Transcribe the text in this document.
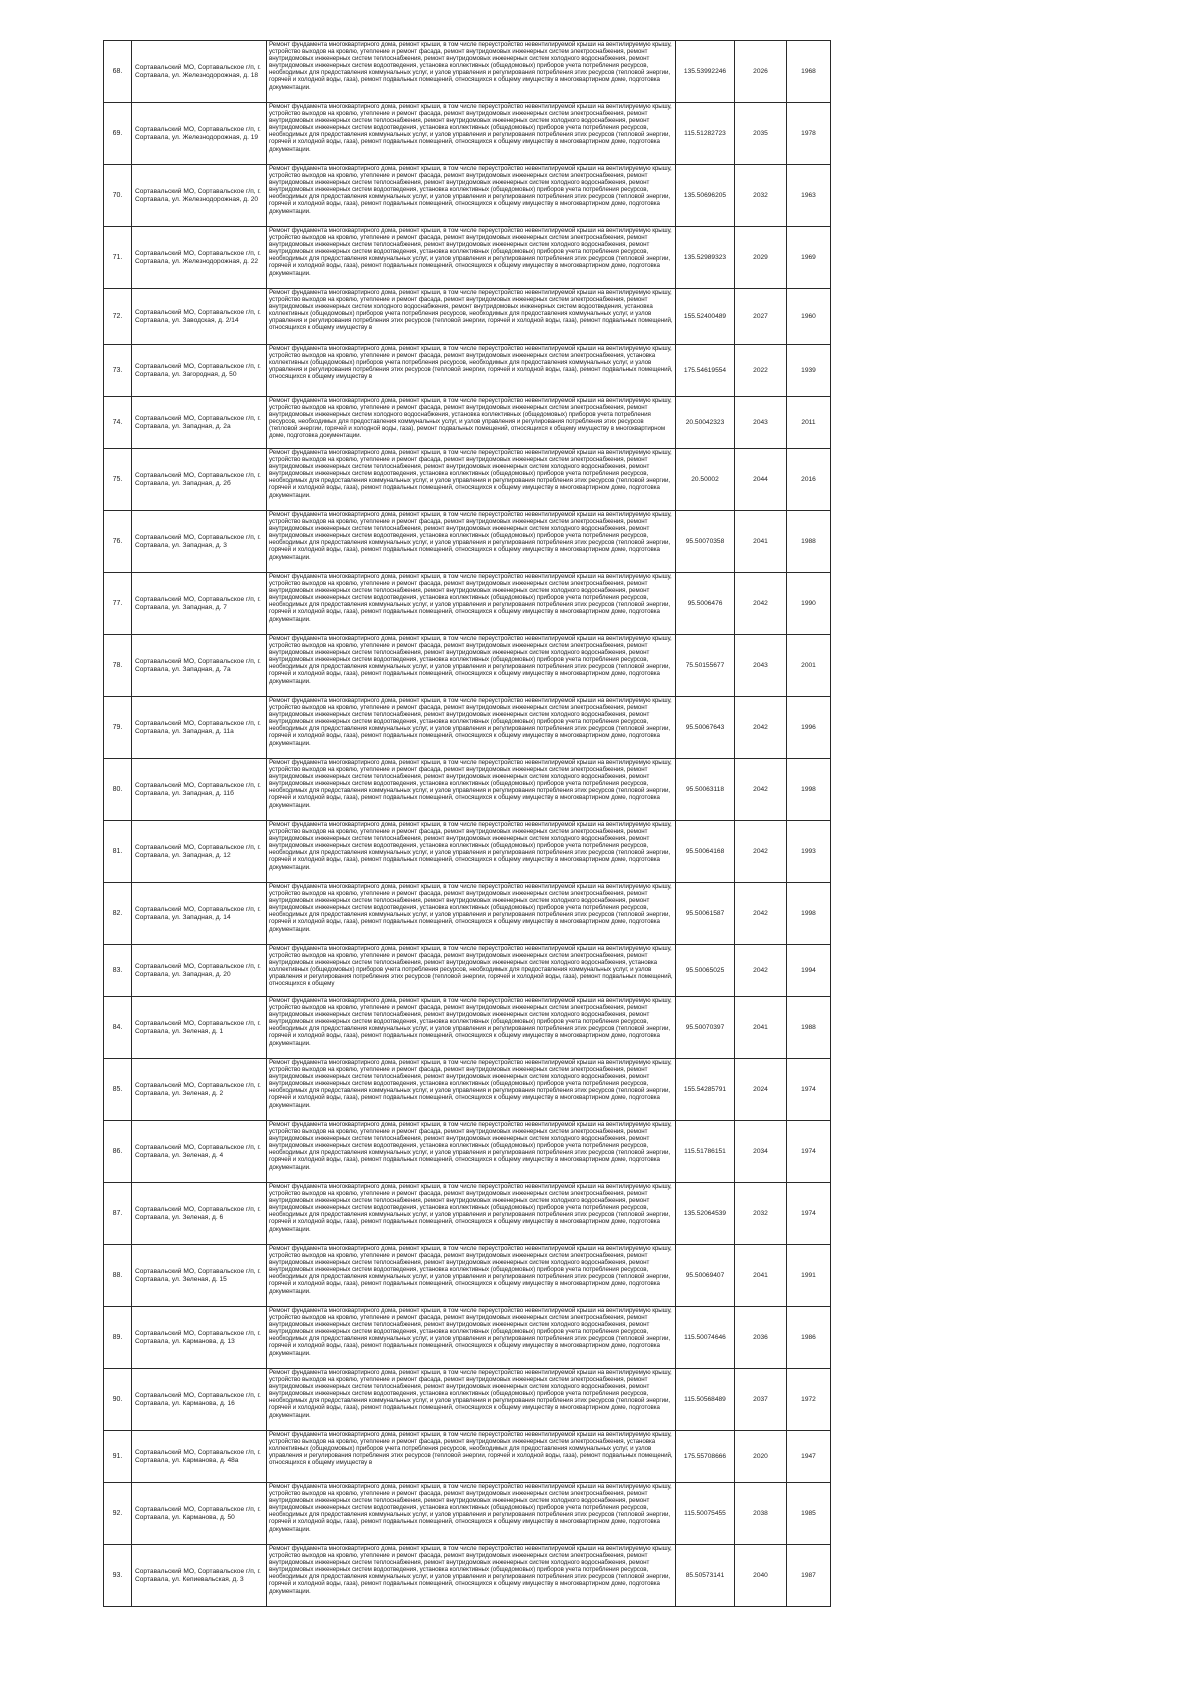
68.	Сортавальский МО, Сортавальское г/п, г. Сортавала, ул. Железнодорожная, д. 18	Ремонт фундамента многоквартирного дома, ремонт крыши, в том числе переустройство невентилируемой крыши на вентилируемую крышу, устройство выходов на кровлю, утепление и ремонт фасада, ремонт внутридомовых инженерных систем электроснабжения, ремонт внутридомовых инженерных систем теплоснабжения, ремонт внутридомовых инженерных систем холодного водоснабжения, ремонт внутридомовых инженерных систем водоотведения, установка коллективных (общедомовых) приборов учета потребления ресурсов, необходимых для предоставления коммунальных услуг, и узлов управления и регулирования потребления этих ресурсов (тепловой энергии, горячей и холодной воды, газа), ремонт подвальных помещений, относящихся к общему имуществу в многоквартирном доме, подготовка документации.	135.53992246	2026	1968
69.	Сортавальский МО, Сортавальское г/п, г. Сортавала, ул. Железнодорожная, д. 19	Ремонт фундамента многоквартирного дома, ремонт крыши, в том числе переустройство невентилируемой крыши на вентилируемую крышу, устройство выходов на кровлю, утепление и ремонт фасада, ремонт внутридомовых инженерных систем электроснабжения, ремонт внутридомовых инженерных систем теплоснабжения, ремонт внутридомовых инженерных систем холодного водоснабжения, ремонт внутридомовых инженерных систем водоотведения, установка коллективных (общедомовых) приборов учета потребления ресурсов, необходимых для предоставления коммунальных услуг, и узлов управления и регулирования потребления этих ресурсов (тепловой энергии, горячей и холодной воды, газа), ремонт подвальных помещений, относящихся к общему имуществу в многоквартирном доме, подготовка документации.	115.51282723	2035	1978
70.	Сортавальский МО, Сортавальское г/п, г. Сортавала, ул. Железнодорожная, д. 20	Ремонт фундамента многоквартирного дома, ремонт крыши, в том числе переустройство невентилируемой крыши на вентилируемую крышу, устройство выходов на кровлю, утепление и ремонт фасада, ремонт внутридомовых инженерных систем электроснабжения, ремонт внутридомовых инженерных систем теплоснабжения, ремонт внутридомовых инженерных систем холодного водоснабжения, ремонт внутридомовых инженерных систем водоотведения, установка коллективных (общедомовых) приборов учета потребления ресурсов, необходимых для предоставления коммунальных услуг, и узлов управления и регулирования потребления этих ресурсов (тепловой энергии, горячей и холодной воды, газа), ремонт подвальных помещений, относящихся к общему имуществу в многоквартирном доме, подготовка документации.	135.50696205	2032	1963
71.	Сортавальский МО, Сортавальское г/п, г. Сортавала, ул. Железнодорожная, д. 22	Ремонт фундамента многоквартирного дома, ремонт крыши, в том числе переустройство невентилируемой крыши на вентилируемую крышу, устройство выходов на кровлю, утепление и ремонт фасада, ремонт внутридомовых инженерных систем электроснабжения, ремонт внутридомовых инженерных систем теплоснабжения, ремонт внутридомовых инженерных систем холодного водоснабжения, ремонт внутридомовых инженерных систем водоотведения, установка коллективных (общедомовых) приборов учета потребления ресурсов, необходимых для предоставления коммунальных услуг, и узлов управления и регулирования потребления этих ресурсов (тепловой энергии, горячей и холодной воды, газа), ремонт подвальных помещений, относящихся к общему имуществу в многоквартирном доме, подготовка документации.	135.52989323	2029	1969
72.	Сортавальский МО, Сортавальское г/п, г. Сортавала, ул. Заводская, д. 2/14	Ремонт фундамента многоквартирного дома, ремонт крыши, в том числе переустройство невентилируемой крыши на вентилируемую крышу, устройство выходов на кровлю, утепление и ремонт фасада, ремонт внутридомовых инженерных систем электроснабжения, ремонт внутридомовых инженерных систем холодного водоснабжения, ремонт внутридомовых инженерных систем водоотведения, установка коллективных (общедомовых) приборов учета потребления ресурсов, необходимых для предоставления коммунальных услуг, и узлов управления и регулирования потребления этих ресурсов (тепловой энергии, горячей и холодной воды, газа), ремонт подвальных помещений, относящихся к общему имуществу в	155.52400489	2027	1960
73.	Сортавальский МО, Сортавальское г/п, г. Сортавала, ул. Загородная, д. 50	Ремонт фундамента многоквартирного дома, ремонт крыши, в том числе переустройство невентилируемой крыши на вентилируемую крышу, устройство выходов на кровлю, утепление и ремонт фасада, ремонт внутридомовых инженерных систем электроснабжения, установка коллективных (общедомовых) приборов учета потребления ресурсов, необходимых для предоставления коммунальных услуг, и узлов управления и регулирования потребления этих ресурсов (тепловой энергии, горячей и холодной воды, газа), ремонт подвальных помещений, относящихся к общему имуществу в	175.54619554	2022	1939
74.	Сортавальский МО, Сортавальское г/п, г. Сортавала, ул. Западная, д. 2а	Ремонт фундамента многоквартирного дома, ремонт крыши, в том числе переустройство невентилируемой крыши на вентилируемую крышу, устройство выходов на кровлю, утепление и ремонт фасада, ремонт внутридомовых инженерных систем электроснабжения, ремонт внутридомовых инженерных систем холодного водоснабжения, установка коллективных (общедомовых) приборов учета потребления ресурсов, необходимых для предоставления коммунальных услуг, и узлов управления и регулирования потребления этих ресурсов (тепловой энергии, горячей и холодной воды, газа), ремонт подвальных помещений, относящихся к общему имуществу в многоквартирном доме, подготовка документации.	20.50042323	2043	2011
75.	Сортавальский МО, Сортавальское г/п, г. Сортавала, ул. Западная, д. 2б	Ремонт фундамента многоквартирного дома, ремонт крыши, в том числе переустройство невентилируемой крыши на вентилируемую крышу, устройство выходов на кровлю, утепление и ремонт фасада, ремонт внутридомовых инженерных систем электроснабжения, ремонт внутридомовых инженерных систем теплоснабжения, ремонт внутридомовых инженерных систем холодного водоснабжения, ремонт внутридомовых инженерных систем водоотведения, установка коллективных (общедомовых) приборов учета потребления ресурсов, необходимых для предоставления коммунальных услуг, и узлов управления и регулирования потребления этих ресурсов (тепловой энергии, горячей и холодной воды, газа), ремонт подвальных помещений, относящихся к общему имуществу в многоквартирном доме, подготовка документации.	20.50002	2044	2016
76.	Сортавальский МО, Сортавальское г/п, г. Сортавала, ул. Западная, д. 3	Ремонт фундамента многоквартирного дома, ремонт крыши, в том числе переустройство невентилируемой крыши на вентилируемую крышу, устройство выходов на кровлю, утепление и ремонт фасада, ремонт внутридомовых инженерных систем электроснабжения, ремонт внутридомовых инженерных систем теплоснабжения, ремонт внутридомовых инженерных систем холодного водоснабжения, ремонт внутридомовых инженерных систем водоотведения, установка коллективных (общедомовых) приборов учета потребления ресурсов, необходимых для предоставления коммунальных услуг, и узлов управления и регулирования потребления этих ресурсов (тепловой энергии, горячей и холодной воды, газа), ремонт подвальных помещений, относящихся к общему имуществу в многоквартирном доме, подготовка документации.	95.50070358	2041	1988
77.	Сортавальский МО, Сортавальское г/п, г. Сортавала, ул. Западная, д. 7	Ремонт фундамента многоквартирного дома, ремонт крыши, в том числе переустройство невентилируемой крыши на вентилируемую крышу, устройство выходов на кровлю, утепление и ремонт фасада, ремонт внутридомовых инженерных систем электроснабжения, ремонт внутридомовых инженерных систем теплоснабжения, ремонт внутридомовых инженерных систем холодного водоснабжения, ремонт внутридомовых инженерных систем водоотведения, установка коллективных (общедомовых) приборов учета потребления ресурсов, необходимых для предоставления коммунальных услуг, и узлов управления и регулирования потребления этих ресурсов (тепловой энергии, горячей и холодной воды, газа), ремонт подвальных помещений, относящихся к общему имуществу в многоквартирном доме, подготовка документации.	95.5006476	2042	1990
78.	Сортавальский МО, Сортавальское г/п, г. Сортавала, ул. Западная, д. 7а	Ремонт фундамента многоквартирного дома, ремонт крыши, в том числе переустройство невентилируемой крыши на вентилируемую крышу, устройство выходов на кровлю, утепление и ремонт фасада, ремонт внутридомовых инженерных систем электроснабжения, ремонт внутридомовых инженерных систем теплоснабжения, ремонт внутридомовых инженерных систем холодного водоснабжения, ремонт внутридомовых инженерных систем водоотведения, установка коллективных (общедомовых) приборов учета потребления ресурсов, необходимых для предоставления коммунальных услуг, и узлов управления и регулирования потребления этих ресурсов (тепловой энергии, горячей и холодной воды, газа), ремонт подвальных помещений, относящихся к общему имуществу в многоквартирном доме, подготовка документации.	75.50155677	2043	2001
79.	Сортавальский МО, Сортавальское г/п, г. Сортавала, ул. Западная, д. 11а	Ремонт фундамента многоквартирного дома, ремонт крыши, в том числе переустройство невентилируемой крыши на вентилируемую крышу, устройство выходов на кровлю, утепление и ремонт фасада, ремонт внутридомовых инженерных систем электроснабжения, ремонт внутридомовых инженерных систем теплоснабжения, ремонт внутридомовых инженерных систем холодного водоснабжения, ремонт внутридомовых инженерных систем водоотведения, установка коллективных (общедомовых) приборов учета потребления ресурсов, необходимых для предоставления коммунальных услуг, и узлов управления и регулирования потребления этих ресурсов (тепловой энергии, горячей и холодной воды, газа), ремонт подвальных помещений, относящихся к общему имуществу в многоквартирном доме, подготовка документации.	95.50067643	2042	1996
80.	Сортавальский МО, Сортавальское г/п, г. Сортавала, ул. Западная, д. 11б	Ремонт фундамента многоквартирного дома, ремонт крыши, в том числе переустройство невентилируемой крыши на вентилируемую крышу, устройство выходов на кровлю, утепление и ремонт фасада, ремонт внутридомовых инженерных систем электроснабжения, ремонт внутридомовых инженерных систем теплоснабжения, ремонт внутридомовых инженерных систем холодного водоснабжения, ремонт внутридомовых инженерных систем водоотведения, установка коллективных (общедомовых) приборов учета потребления ресурсов, необходимых для предоставления коммунальных услуг, и узлов управления и регулирования потребления этих ресурсов (тепловой энергии, горячей и холодной воды, газа), ремонт подвальных помещений, относящихся к общему имуществу в многоквартирном доме, подготовка документации.	95.50063118	2042	1998
81.	Сортавальский МО, Сортавальское г/п, г. Сортавала, ул. Западная, д. 12	Ремонт фундамента многоквартирного дома, ремонт крыши, в том числе переустройство невентилируемой крыши на вентилируемую крышу, устройство выходов на кровлю, утепление и ремонт фасада, ремонт внутридомовых инженерных систем электроснабжения, ремонт внутридомовых инженерных систем теплоснабжения, ремонт внутридомовых инженерных систем холодного водоснабжения, ремонт внутридомовых инженерных систем водоотведения, установка коллективных (общедомовых) приборов учета потребления ресурсов, необходимых для предоставления коммунальных услуг, и узлов управления и регулирования потребления этих ресурсов (тепловой энергии, горячей и холодной воды, газа), ремонт подвальных помещений, относящихся к общему имуществу в многоквартирном доме, подготовка документации.	95.50064168	2042	1993
82.	Сортавальский МО, Сортавальское г/п, г. Сортавала, ул. Западная, д. 14	Ремонт фундамента многоквартирного дома, ремонт крыши, в том числе переустройство невентилируемой крыши на вентилируемую крышу, устройство выходов на кровлю, утепление и ремонт фасада, ремонт внутридомовых инженерных систем электроснабжения, ремонт внутридомовых инженерных систем теплоснабжения, ремонт внутридомовых инженерных систем холодного водоснабжения, ремонт внутридомовых инженерных систем водоотведения, установка коллективных (общедомовых) приборов учета потребления ресурсов, необходимых для предоставления коммунальных услуг, и узлов управления и регулирования потребления этих ресурсов (тепловой энергии, горячей и холодной воды, газа), ремонт подвальных помещений, относящихся к общему имуществу в многоквартирном доме, подготовка документации.	95.50061587	2042	1998
83.	Сортавальский МО, Сортавальское г/п, г. Сортавала, ул. Западная, д. 20	Ремонт фундамента многоквартирного дома, ремонт крыши, в том числе переустройство невентилируемой крыши на вентилируемую крышу, устройство выходов на кровлю, утепление и ремонт фасада, ремонт внутридомовых инженерных систем электроснабжения, ремонт внутридомовых инженерных систем теплоснабжения, ремонт внутридомовых инженерных систем холодного водоснабжения, установка коллективных (общедомовых) приборов учета потребления ресурсов, необходимых для предоставления коммунальных услуг, и узлов управления и регулирования потребления этих ресурсов (тепловой энергии, горячей и холодной воды, газа), ремонт подвальных помещений, относящихся к общему	95.50065025	2042	1994
84.	Сортавальский МО, Сортавальское г/п, г. Сортавала, ул. Зеленая, д. 1	Ремонт фундамента многоквартирного дома, ремонт крыши, в том числе переустройство невентилируемой крыши на вентилируемую крышу, устройство выходов на кровлю, утепление и ремонт фасада, ремонт внутридомовых инженерных систем электроснабжения, ремонт внутридомовых инженерных систем теплоснабжения, ремонт внутридомовых инженерных систем холодного водоснабжения, ремонт внутридомовых инженерных систем водоотведения, установка коллективных (общедомовых) приборов учета потребления ресурсов, необходимых для предоставления коммунальных услуг, и узлов управления и регулирования потребления этих ресурсов (тепловой энергии, горячей и холодной воды, газа), ремонт подвальных помещений, относящихся к общему имуществу в многоквартирном доме, подготовка документации.	95.50070397	2041	1988
85.	Сортавальский МО, Сортавальское г/п, г. Сортавала, ул. Зеленая, д. 2	Ремонт фундамента многоквартирного дома, ремонт крыши, в том числе переустройство невентилируемой крыши на вентилируемую крышу, устройство выходов на кровлю, утепление и ремонт фасада, ремонт внутридомовых инженерных систем электроснабжения, ремонт внутридомовых инженерных систем теплоснабжения, ремонт внутридомовых инженерных систем холодного водоснабжения, ремонт внутридомовых инженерных систем водоотведения, установка коллективных (общедомовых) приборов учета потребления ресурсов, необходимых для предоставления коммунальных услуг, и узлов управления и регулирования потребления этих ресурсов (тепловой энергии, горячей и холодной воды, газа), ремонт подвальных помещений, относящихся к общему имуществу в многоквартирном доме, подготовка документации.	155.54285791	2024	1974
86.	Сортавальский МО, Сортавальское г/п, г. Сортавала, ул. Зеленая, д. 4	Ремонт фундамента многоквартирного дома, ремонт крыши, в том числе переустройство невентилируемой крыши на вентилируемую крышу, устройство выходов на кровлю, утепление и ремонт фасада, ремонт внутридомовых инженерных систем электроснабжения, ремонт внутридомовых инженерных систем теплоснабжения, ремонт внутридомовых инженерных систем холодного водоснабжения, ремонт внутридомовых инженерных систем водоотведения, установка коллективных (общедомовых) приборов учета потребления ресурсов, необходимых для предоставления коммунальных услуг, и узлов управления и регулирования потребления этих ресурсов (тепловой энергии, горячей и холодной воды, газа), ремонт подвальных помещений, относящихся к общему имуществу в многоквартирном доме, подготовка документации.	115.51786151	2034	1974
87.	Сортавальский МО, Сортавальское г/п, г. Сортавала, ул. Зеленая, д. 6	Ремонт фундамента многоквартирного дома, ремонт крыши, в том числе переустройство невентилируемой крыши на вентилируемую крышу, устройство выходов на кровлю, утепление и ремонт фасада, ремонт внутридомовых инженерных систем электроснабжения, ремонт внутридомовых инженерных систем теплоснабжения, ремонт внутридомовых инженерных систем холодного водоснабжения, ремонт внутридомовых инженерных систем водоотведения, установка коллективных (общедомовых) приборов учета потребления ресурсов, необходимых для предоставления коммунальных услуг, и узлов управления и регулирования потребления этих ресурсов (тепловой энергии, горячей и холодной воды, газа), ремонт подвальных помещений, относящихся к общему имуществу в многоквартирном доме, подготовка документации.	135.52064539	2032	1974
88.	Сортавальский МО, Сортавальское г/п, г. Сортавала, ул. Зеленая, д. 15	Ремонт фундамента многоквартирного дома, ремонт крыши, в том числе переустройство невентилируемой крыши на вентилируемую крышу, устройство выходов на кровлю, утепление и ремонт фасада, ремонт внутридомовых инженерных систем электроснабжения, ремонт внутридомовых инженерных систем теплоснабжения, ремонт внутридомовых инженерных систем холодного водоснабжения, ремонт внутридомовых инженерных систем водоотведения, установка коллективных (общедомовых) приборов учета потребления ресурсов, необходимых для предоставления коммунальных услуг, и узлов управления и регулирования потребления этих ресурсов (тепловой энергии, горячей и холодной воды, газа), ремонт подвальных помещений, относящихся к общему имуществу в многоквартирном доме, подготовка документации.	95.50069407	2041	1991
89.	Сортавальский МО, Сортавальское г/п, г. Сортавала, ул. Карманова, д. 13	Ремонт фундамента многоквартирного дома, ремонт крыши, в том числе переустройство невентилируемой крыши на вентилируемую крышу, устройство выходов на кровлю, утепление и ремонт фасада, ремонт внутридомовых инженерных систем электроснабжения, ремонт внутридомовых инженерных систем теплоснабжения, ремонт внутридомовых инженерных систем холодного водоснабжения, ремонт внутридомовых инженерных систем водоотведения, установка коллективных (общедомовых) приборов учета потребления ресурсов, необходимых для предоставления коммунальных услуг, и узлов управления и регулирования потребления этих ресурсов (тепловой энергии, горячей и холодной воды, газа), ремонт подвальных помещений, относящихся к общему имуществу в многоквартирном доме, подготовка документации.	115.50074646	2036	1986
90.	Сортавальский МО, Сортавальское г/п, г. Сортавала, ул. Карманова, д. 16	Ремонт фундамента многоквартирного дома, ремонт крыши, в том числе переустройство невентилируемой крыши на вентилируемую крышу, устройство выходов на кровлю, утепление и ремонт фасада, ремонт внутридомовых инженерных систем электроснабжения, ремонт внутридомовых инженерных систем теплоснабжения, ремонт внутридомовых инженерных систем холодного водоснабжения, ремонт внутридомовых инженерных систем водоотведения, установка коллективных (общедомовых) приборов учета потребления ресурсов, необходимых для предоставления коммунальных услуг, и узлов управления и регулирования потребления этих ресурсов (тепловой энергии, горячей и холодной воды, газа), ремонт подвальных помещений, относящихся к общему имуществу в многоквартирном доме, подготовка документации.	115.50568489	2037	1972
91.	Сортавальский МО, Сортавальское г/п, г. Сортавала, ул. Карманова, д. 48а	Ремонт фундамента многоквартирного дома, ремонт крыши, в том числе переустройство невентилируемой крыши на вентилируемую крышу, устройство выходов на кровлю, утепление и ремонт фасада, ремонт внутридомовых инженерных систем электроснабжения, установка коллективных (общедомовых) приборов учета потребления ресурсов, необходимых для предоставления коммунальных услуг, и узлов управления и регулирования потребления этих ресурсов (тепловой энергии, горячей и холодной воды, газа), ремонт подвальных помещений, относящихся к общему имуществу в	175.55708666	2020	1947
92.	Сортавальский МО, Сортавальское г/п, г. Сортавала, ул. Карманова, д. 50	Ремонт фундамента многоквартирного дома, ремонт крыши, в том числе переустройство невентилируемой крыши на вентилируемую крышу, устройство выходов на кровлю, утепление и ремонт фасада, ремонт внутридомовых инженерных систем электроснабжения, ремонт внутридомовых инженерных систем теплоснабжения, ремонт внутридомовых инженерных систем холодного водоснабжения, ремонт внутридомовых инженерных систем водоотведения, установка коллективных (общедомовых) приборов учета потребления ресурсов, необходимых для предоставления коммунальных услуг, и узлов управления и регулирования потребления этих ресурсов (тепловой энергии, горячей и холодной воды, газа), ремонт подвальных помещений, относящихся к общему имуществу в многоквартирном доме, подготовка документации.	115.50075455	2038	1985
93.	Сортавальский МО, Сортавальское г/п, г. Сортавала, ул. Кепиевальская, д. 3	Ремонт фундамента многоквартирного дома, ремонт крыши, в том числе переустройство невентилируемой крыши на вентилируемую крышу, устройство выходов на кровлю, утепление и ремонт фасада, ремонт внутридомовых инженерных систем электроснабжения, ремонт внутридомовых инженерных систем теплоснабжения, ремонт внутридомовых инженерных систем холодного водоснабжения, ремонт внутридомовых инженерных систем водоотведения, установка коллективных (общедомовых) приборов учета потребления ресурсов, необходимых для предоставления коммунальных услуг, и узлов управления и регулирования потребления этих ресурсов (тепловой энергии, горячей и холодной воды, газа), ремонт подвальных помещений, относящихся к общему имуществу в многоквартирном доме, подготовка документации.	85.50573141	2040	1987
